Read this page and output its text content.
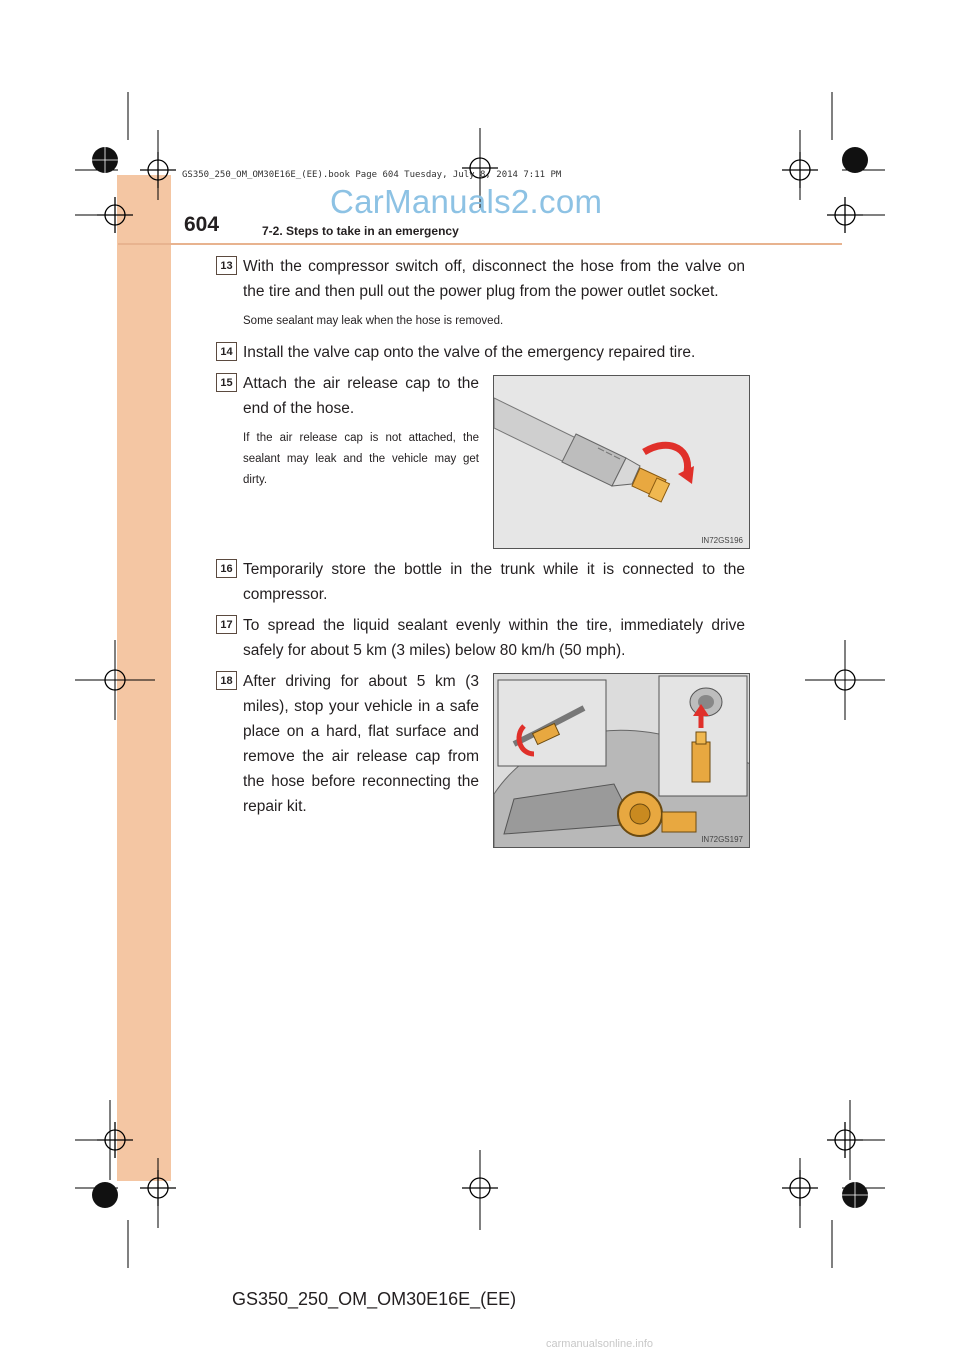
GS350_250_OM_OM30E16E_(EE).book Page 604 Tuesday, July 8, 2014 7:11 PM
CarManuals2.com
604	7-2. Steps to take in an emergency
13 With the compressor switch off, disconnect the hose from the valve on the tire and then pull out the power plug from the power outlet socket.
Some sealant may leak when the hose is removed.
14 Install the valve cap onto the valve of the emergency repaired tire.
15 Attach the air release cap to the end of the hose.
If the air release cap is not attached, the sealant may leak and the vehicle may get dirty.
IN72GS196
16 Temporarily store the bottle in the trunk while it is connected to the compressor.
17 To spread the liquid sealant evenly within the tire, immediately drive safely for about 5 km (3 miles) below 80 km/h (50 mph).
18 After driving for about 5 km (3 miles), stop your vehicle in a safe place on a hard, flat surface and remove the air release cap from the hose before reconnecting the repair kit.
IN72GS197
GS350_250_OM_OM30E16E_(EE)
carmanualsonline.info
